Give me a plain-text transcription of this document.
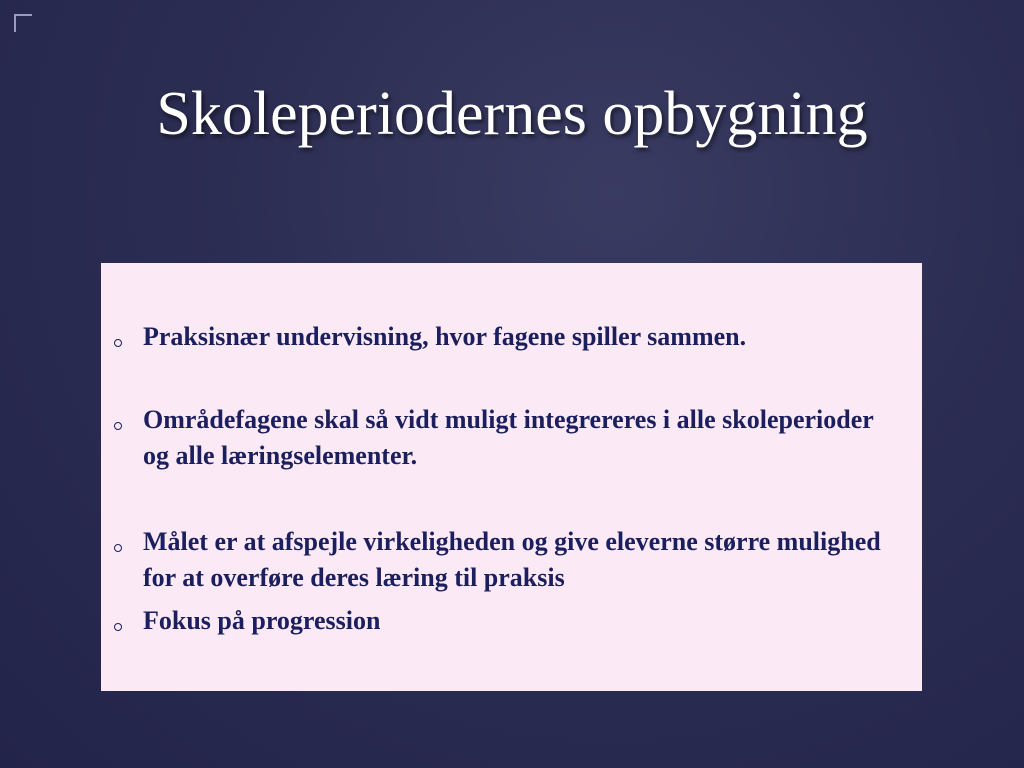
Skoleperiodernes opbygning
Praksisnær undervisning, hvor fagene spiller sammen.
Områdefagene skal så vidt muligt integrereres i alle skoleperioder og alle læringselementer.
Målet er at afspejle virkeligheden og give eleverne større mulighed for at overføre deres læring til praksis
Fokus på progression
